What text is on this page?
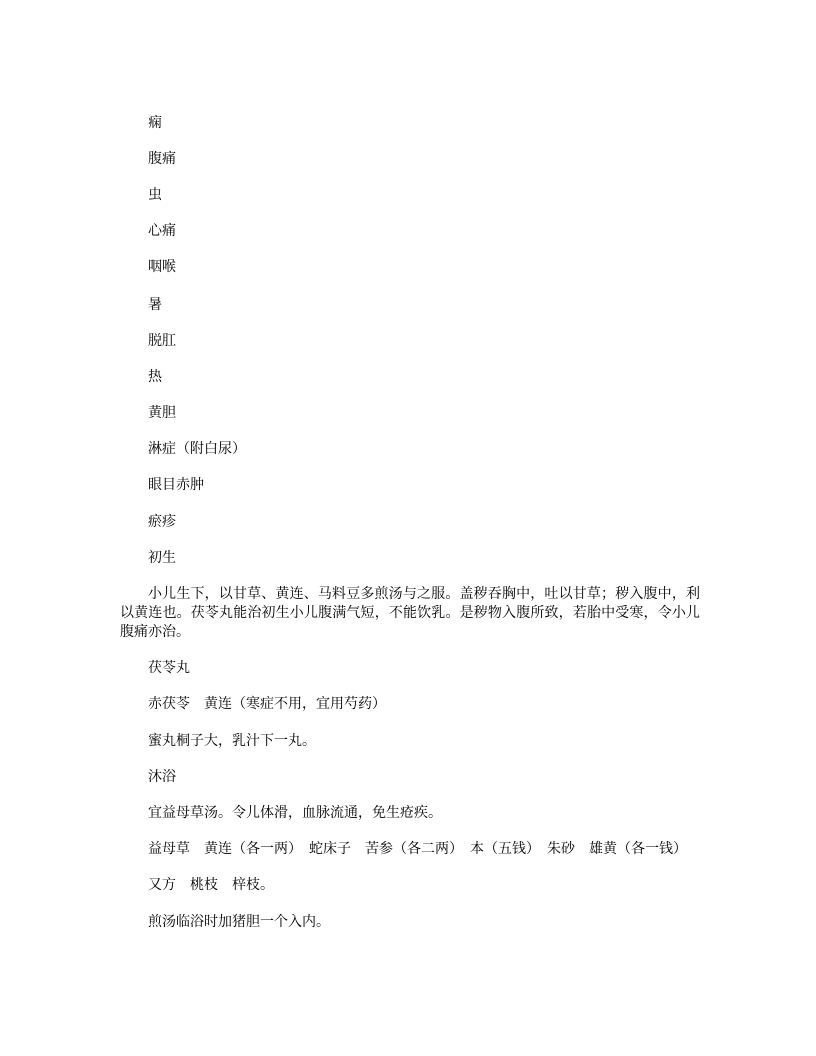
痫
腹痛
虫
心痛
咽喉
暑
脱肛
热
黄胆
淋症（附白尿）
眼目赤肿
瘀疹
初生
小儿生下，以甘草、黄连、马料豆多煎汤与之服。盖秽吞胸中，吐以甘草；秽入腹中，利以黄连也。茯苓丸能治初生小儿腹满气短，不能饮乳。是秽物入腹所致，若胎中受寒，令小儿腹痛亦治。
茯苓丸
赤茯苓　黄连（寒症不用，宜用芍药）
蜜丸桐子大，乳汁下一丸。
沐浴
宜益母草汤。令儿体滑，血脉流通，免生疮疾。
益母草　黄连（各一两）　蛇床子　苦参（各二两）　本（五钱）　朱砂　雄黄（各一钱）
又方　桃枝　梓枝。
煎汤临浴时加猪胆一个入内。
